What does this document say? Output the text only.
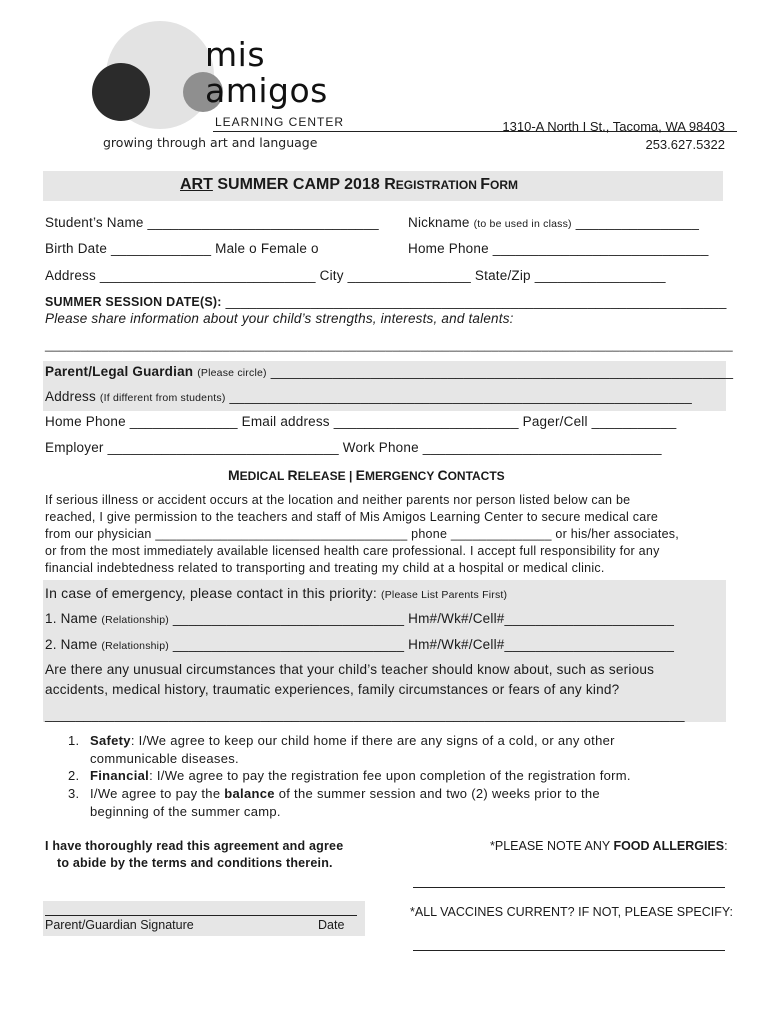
mis
amigos
LEARNING CENTER
growing through art and language
1310-A North I St., Tacoma, WA 98403
253.627.5322
ART SUMMER CAMP 2018 REGISTRATION FORM
Student’s Name ______________________________ Nickname (to be used in class) ________________
Birth Date _____________ Male o Female o	Home Phone ____________________________
Address ____________________________ City ________________ State/Zip _________________
SUMMER SESSION DATE(S): _________________________________________________________________
Please share information about your child’s strengths, interests, and talents:
_________________________________________________________________________________________________
Parent/Legal Guardian (Please circle) ____________________________________________________________
Address (If different from students) ____________________________________________________________
Home Phone ______________ Email address ________________________ Pager/Cell ___________
Employer ______________________________ Work Phone _______________________________
MEDICAL RELEASE | EMERGENCY CONTACTS
If serious illness or accident occurs at the location and neither parents nor person listed below can be
reached, I give permission to the teachers and staff of Mis Amigos Learning Center to secure medical care
from our physician ___________________________________ phone ______________ or his/her associates,
or from the most immediately available licensed health care professional. I accept full responsibility for any
financial indebtedness related to transporting and treating my child at a hospital or medical clinic.
In case of emergency, please contact in this priority: (Please List Parents First)
1. Name (Relationship) ______________________________ Hm#/Wk#/Cell#______________________
2. Name (Relationship) ______________________________ Hm#/Wk#/Cell#______________________
Are there any unusual circumstances that your child’s teacher should know about, such as serious
accidents, medical history, traumatic experiences, family circumstances or fears of any kind?
___________________________________________________________________________________
1. Safety: I/We agree to keep our child home if there are any signs of a cold, or any other
communicable diseases.
2. Financial: I/We agree to pay the registration fee upon completion of the registration form.
3. I/We agree to pay the balance of the summer session and two (2) weeks prior to the
beginning of the summer camp.
I have thoroughly read this agreement and agree
to abide by the terms and conditions therein.
Parent/Guardian Signature	Date
*PLEASE NOTE ANY FOOD ALLERGIES:
*ALL VACCINES CURRENT? IF NOT, PLEASE SPECIFY:
